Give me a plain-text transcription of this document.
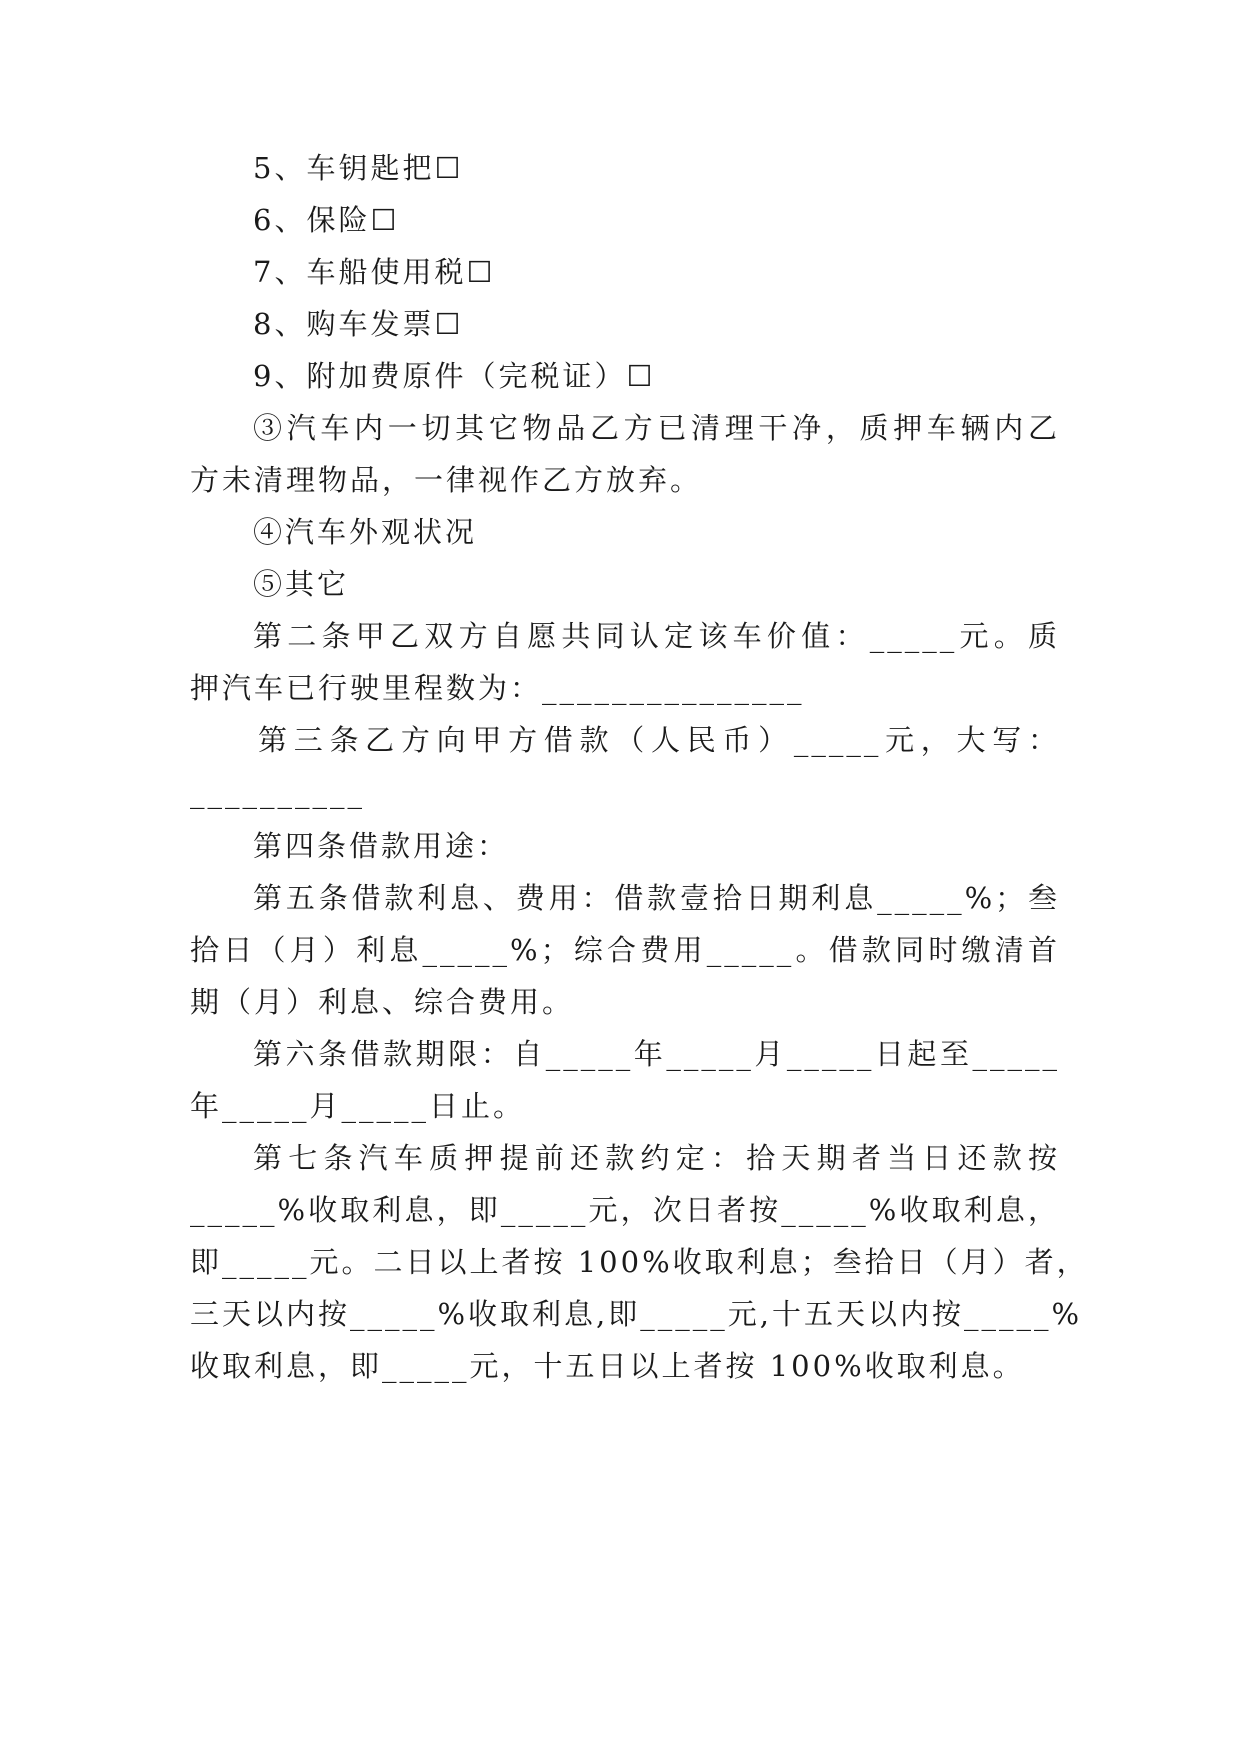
5、车钥匙把☐
6、保险☐
7、车船使用税☐
8、购车发票☐
9、附加费原件（完税证）☐
③汽车内一切其它物品乙方已清理干净，质押车辆内乙
方未清理物品，一律视作乙方放弃。
④汽车外观状况
⑤其它
第二条甲乙双方自愿共同认定该车价值：_____元。质
押汽车已行驶里程数为：_______________
第三条乙方向甲方借款（人民币）_____元，大写：
__________
第四条借款用途：
第五条借款利息、费用：借款壹拾日期利息_____%；叁
拾日（月）利息_____%；综合费用_____。借款同时缴清首
期（月）利息、综合费用。
第六条借款期限：自_____年_____月_____日起至_____
年_____月_____日止。
第七条汽车质押提前还款约定：拾天期者当日还款按
_____%收取利息，即_____元，次日者按_____%收取利息，
即_____元。二日以上者按 100%收取利息；叁拾日（月）者，
三天以内按_____%收取利息,即_____元,十五天以内按_____%
收取利息，即_____元，十五日以上者按 100%收取利息。
